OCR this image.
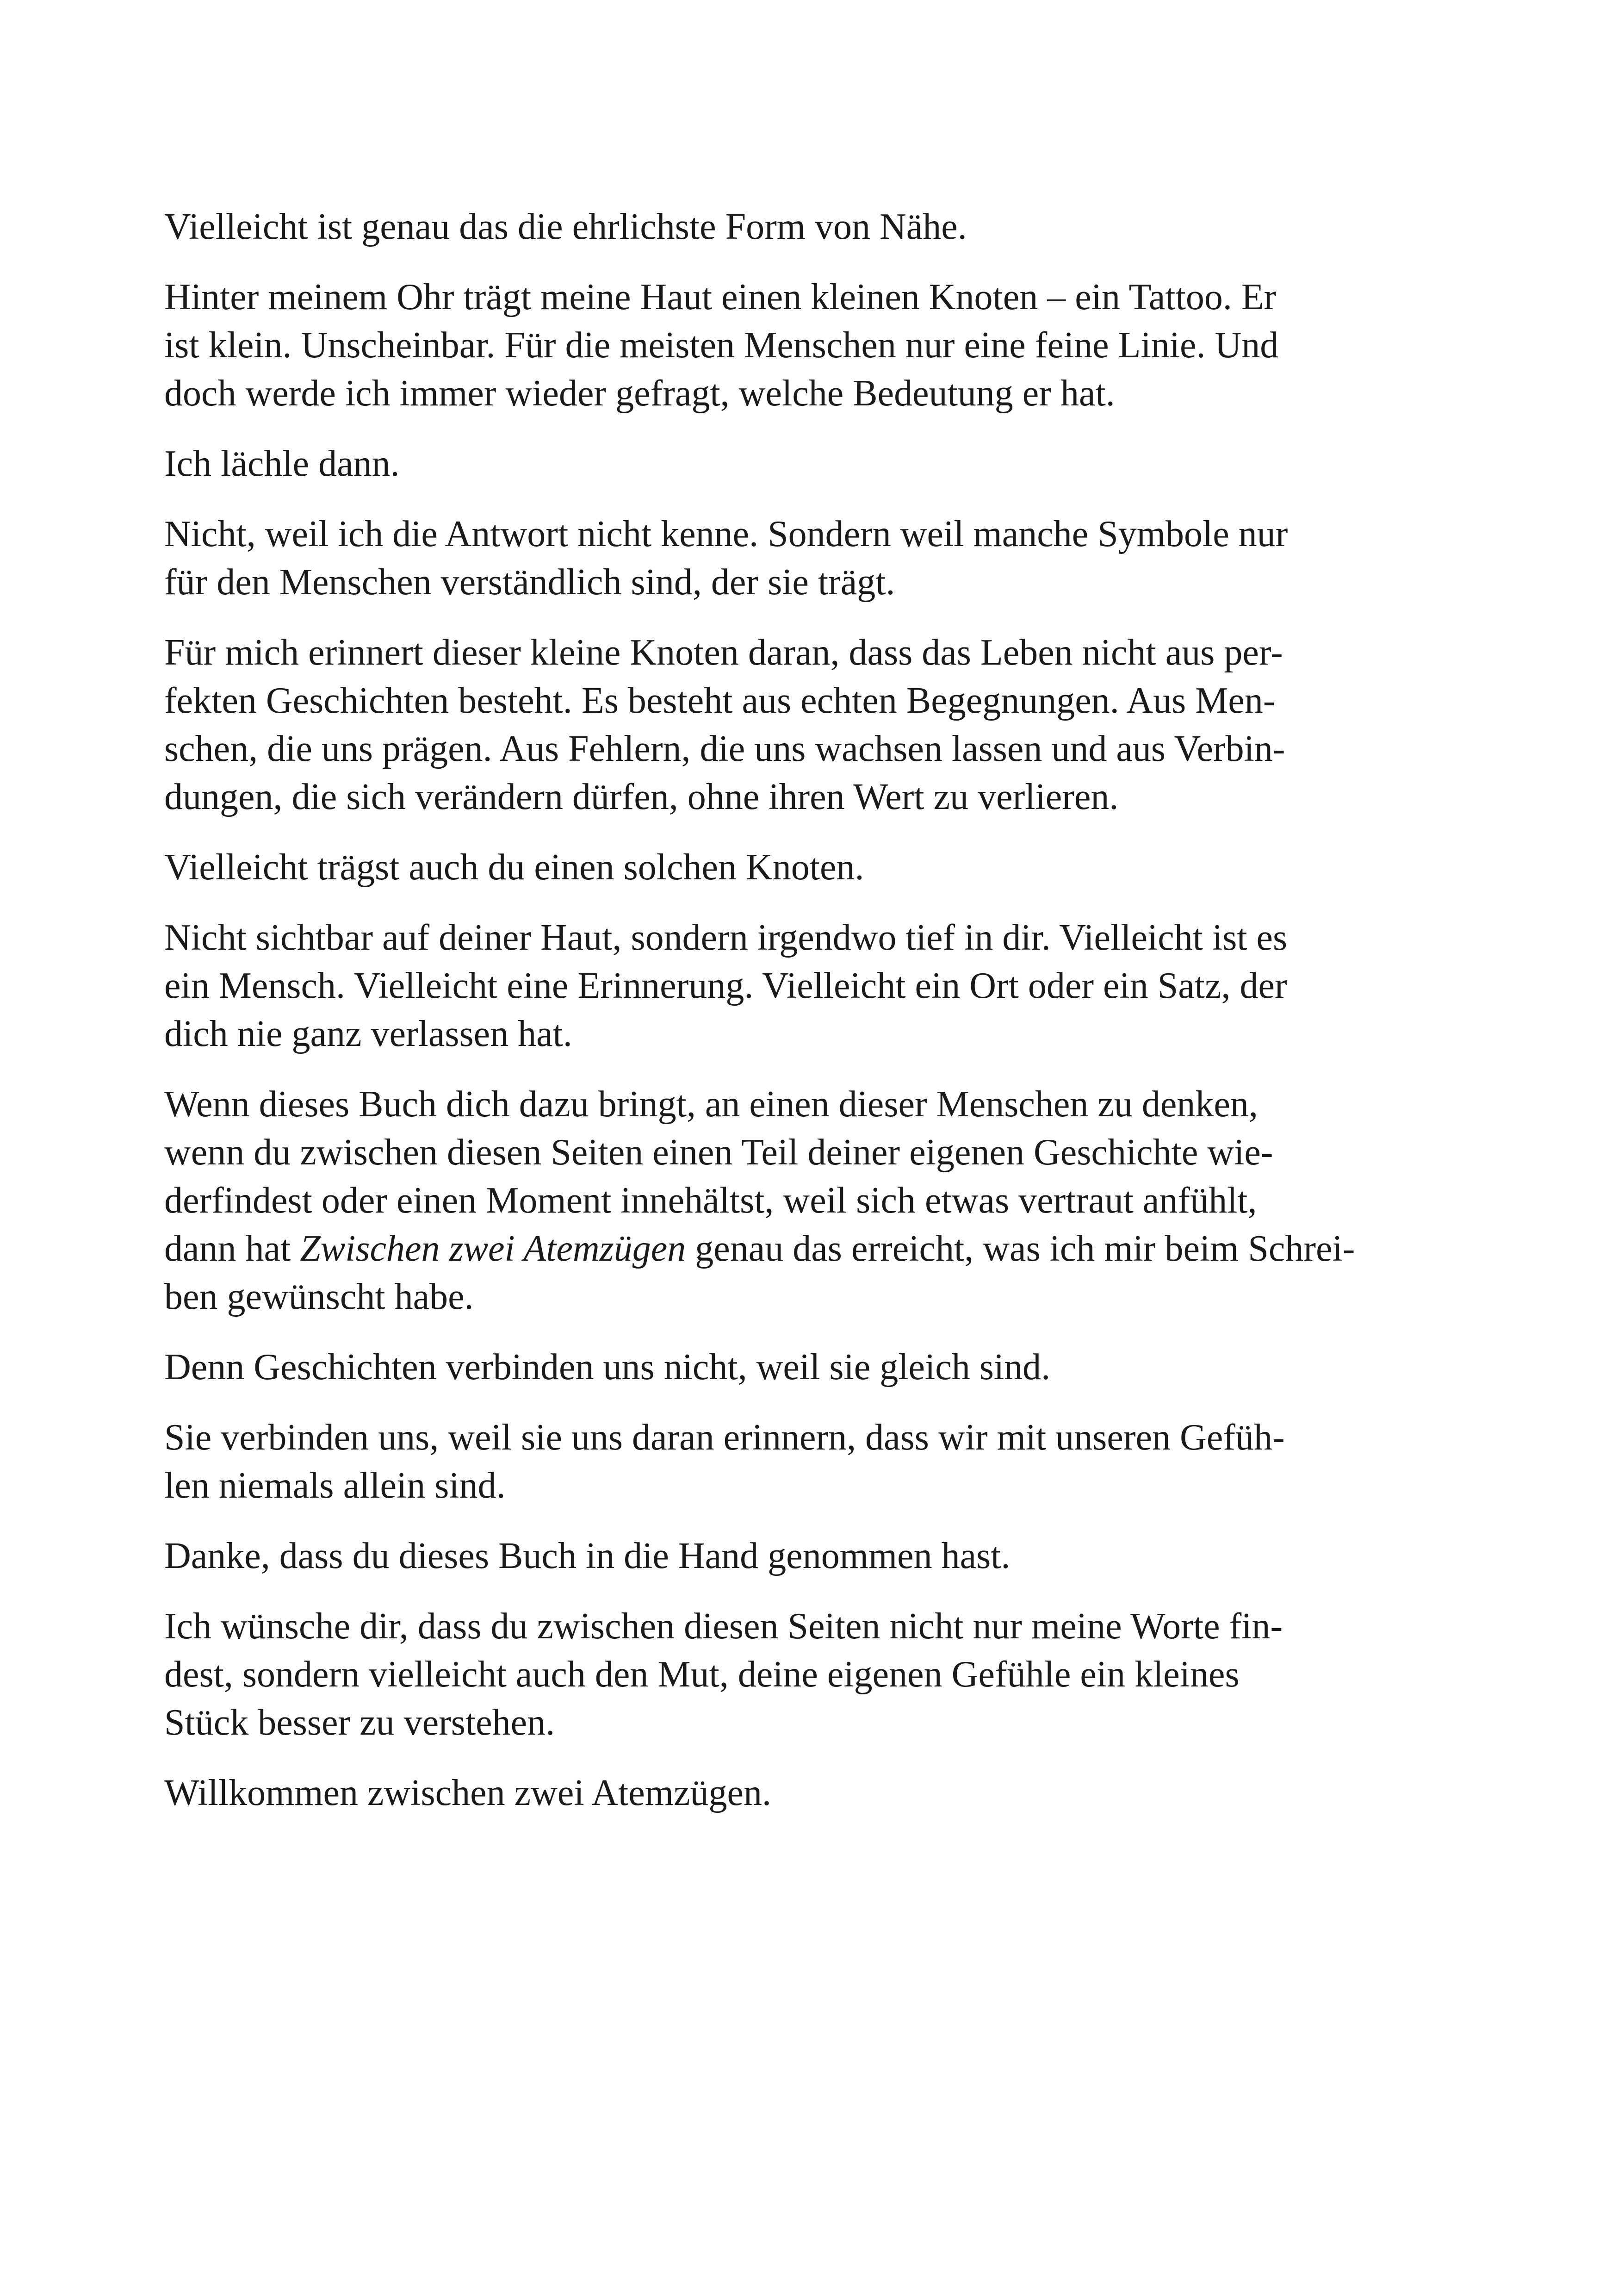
Vielleicht ist genau das die ehrlichste Form von Nähe.

Hinter meinem Ohr trägt meine Haut einen kleinen Knoten – ein Tattoo. Er
ist klein. Unscheinbar. Für die meisten Menschen nur eine feine Linie. Und
doch werde ich immer wieder gefragt, welche Bedeutung er hat.

Ich lächle dann.

Nicht, weil ich die Antwort nicht kenne. Sondern weil manche Symbole nur
für den Menschen verständlich sind, der sie trägt.

Für mich erinnert dieser kleine Knoten daran, dass das Leben nicht aus per-
fekten Geschichten besteht. Es besteht aus echten Begegnungen. Aus Men-
schen, die uns prägen. Aus Fehlern, die uns wachsen lassen und aus Verbin-
dungen, die sich verändern dürfen, ohne ihren Wert zu verlieren.

Vielleicht trägst auch du einen solchen Knoten.

Nicht sichtbar auf deiner Haut, sondern irgendwo tief in dir. Vielleicht ist es
ein Mensch. Vielleicht eine Erinnerung. Vielleicht ein Ort oder ein Satz, der
dich nie ganz verlassen hat.

Wenn dieses Buch dich dazu bringt, an einen dieser Menschen zu denken,
wenn du zwischen diesen Seiten einen Teil deiner eigenen Geschichte wie-
derfindest oder einen Moment innehältst, weil sich etwas vertraut anfühlt,
dann hat Zwischen zwei Atemzügen genau das erreicht, was ich mir beim Schrei-
ben gewünscht habe.

Denn Geschichten verbinden uns nicht, weil sie gleich sind.

Sie verbinden uns, weil sie uns daran erinnern, dass wir mit unseren Gefüh-
len niemals allein sind.

Danke, dass du dieses Buch in die Hand genommen hast.

Ich wünsche dir, dass du zwischen diesen Seiten nicht nur meine Worte fin-
dest, sondern vielleicht auch den Mut, deine eigenen Gefühle ein kleines
Stück besser zu verstehen.

Willkommen zwischen zwei Atemzügen.
